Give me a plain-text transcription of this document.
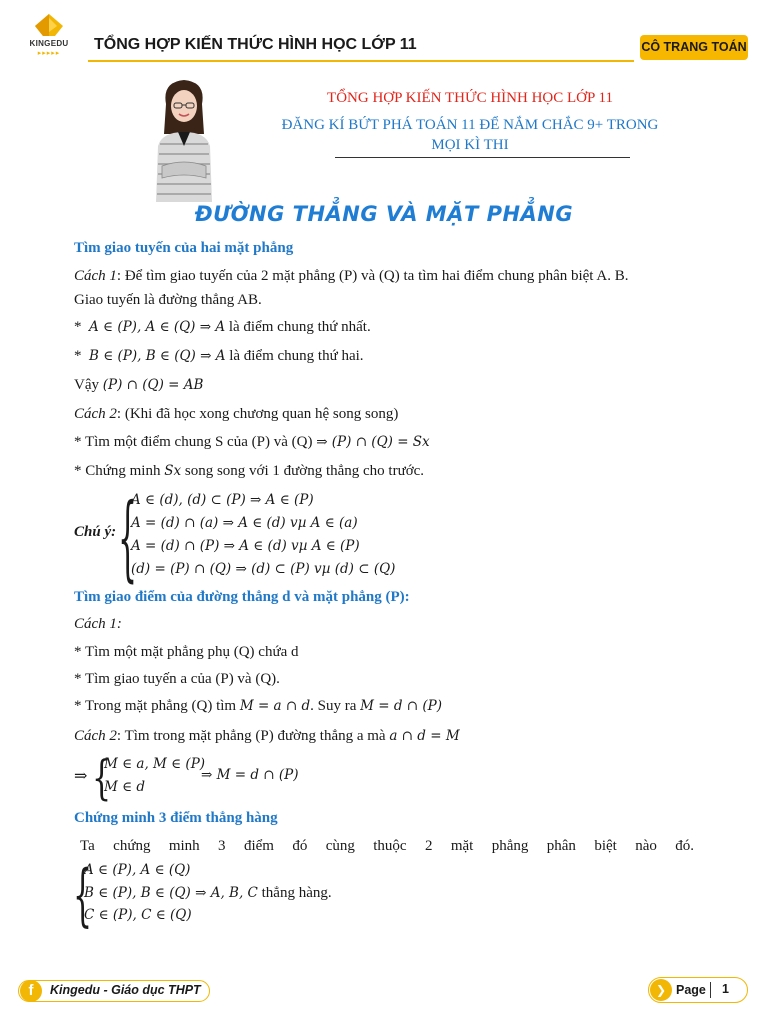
KINGEDU
▸▸▸▸▸	TỔNG HỢP KIẾN THỨC HÌNH HỌC LỚP 11	CÔ TRANG TOÁN
TỔNG HỢP KIẾN THỨC HÌNH HỌC LỚP 11
ĐĂNG KÍ BỨT PHÁ TOÁN 11 ĐỂ NẮM CHẮC 9+ TRONG
MỌI KÌ THI
ĐƯỜNG THẲNG VÀ MẶT PHẲNG
Tìm giao tuyến của hai mặt phẳng
Cách 1: Để tìm giao tuyến của 2 mặt phẳng (P) và (Q) ta tìm hai điểm chung phân biệt A. B.
Giao tuyến là đường thẳng AB.
*  A ∈ (P), A ∈ (Q) ⇒ A là điểm chung thứ nhất.
*  B ∈ (P), B ∈ (Q) ⇒ A là điểm chung thứ hai.
Vậy (P) ∩ (Q) = AB
Cách 2: (Khi đã học xong chương quan hệ song song)
* Tìm một điểm chung S của (P) và (Q) ⇒ (P) ∩ (Q) = Sx
* Chứng minh Sx song song với 1 đường thẳng cho trước.
Chú ý: {
A ∈ (d), (d) ⊂ (P) ⇒ A ∈ (P)
A = (d) ∩ (a) ⇒ A ∈ (d) vµ A ∈ (a)
A = (d) ∩ (P) ⇒ A ∈ (d) vµ A ∈ (P)
(d) = (P) ∩ (Q) ⇒ (d) ⊂ (P) vµ (d) ⊂ (Q)
Tìm giao điểm của đường thẳng d và mặt phẳng (P):
Cách 1:
* Tìm một mặt phẳng phụ (Q) chứa d
* Tìm giao tuyến a của (P) và (Q).
* Trong mặt phẳng (Q) tìm M = a ∩ d. Suy ra M = d ∩ (P)
Cách 2: Tìm trong mặt phẳng (P) đường thẳng a mà a ∩ d = M
⇒ {
M ∈ a, M ∈ (P)
M ∈ d
⇒ M = d ∩ (P)
Chứng minh 3 điểm thẳng hàng
Ta chứng minh 3 điểm đó cùng thuộc 2 mặt phẳng phân biệt nào đó.
{
A ∈ (P), A ∈ (Q)
B ∈ (P), B ∈ (Q) ⇒ A, B, C thẳng hàng.
C ∈ (P), C ∈ (Q)
f	Kingedu - Giáo dục THPT	❯ Page 1
